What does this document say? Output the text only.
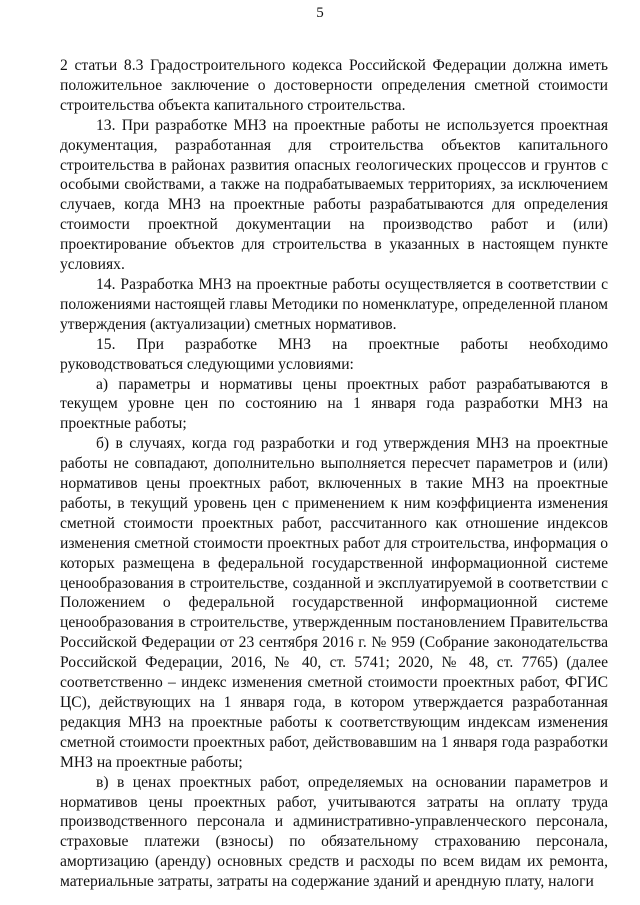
5

2 статьи 8.3 Градостроительного кодекса Российской Федерации должна иметь положительное заключение о достоверности определения сметной стоимости строительства объекта капитального строительства.

13. При разработке МНЗ на проектные работы не используется проектная документация, разработанная для строительства объектов капитального строительства в районах развития опасных геологических процессов и грунтов с особыми свойствами, а также на подрабатываемых территориях, за исключением случаев, когда МНЗ на проектные работы разрабатываются для определения стоимости проектной документации на производство работ и (или) проектирование объектов для строительства в указанных в настоящем пункте условиях.

14. Разработка МНЗ на проектные работы осуществляется в соответствии с положениями настоящей главы Методики по номенклатуре, определенной планом утверждения (актуализации) сметных нормативов.

15. При разработке МНЗ на проектные работы необходимо руководствоваться следующими условиями:

а) параметры и нормативы цены проектных работ разрабатываются в текущем уровне цен по состоянию на 1 января года разработки МНЗ на проектные работы;

б) в случаях, когда год разработки и год утверждения МНЗ на проектные работы не совпадают, дополнительно выполняется пересчет параметров и (или) нормативов цены проектных работ, включенных в такие МНЗ на проектные работы, в текущий уровень цен с применением к ним коэффициента изменения сметной стоимости проектных работ, рассчитанного как отношение индексов изменения сметной стоимости проектных работ для строительства, информация о которых размещена в федеральной государственной информационной системе ценообразования в строительстве, созданной и эксплуатируемой в соответствии с Положением о федеральной государственной информационной системе ценообразования в строительстве, утвержденным постановлением Правительства Российской Федерации от 23 сентября 2016 г. № 959 (Собрание законодательства Российской Федерации, 2016, № 40, ст. 5741; 2020, № 48, ст. 7765) (далее соответственно – индекс изменения сметной стоимости проектных работ, ФГИС ЦС), действующих на 1 января года, в котором утверждается разработанная редакция МНЗ на проектные работы к соответствующим индексам изменения сметной стоимости проектных работ, действовавшим на 1 января года разработки МНЗ на проектные работы;

в) в ценах проектных работ, определяемых на основании параметров и нормативов цены проектных работ, учитываются затраты на оплату труда производственного персонала и административно-управленческого персонала, страховые платежи (взносы) по обязательному страхованию персонала, амортизацию (аренду) основных средств и расходы по всем видам их ремонта, материальные затраты, затраты на содержание зданий и арендную плату, налоги
